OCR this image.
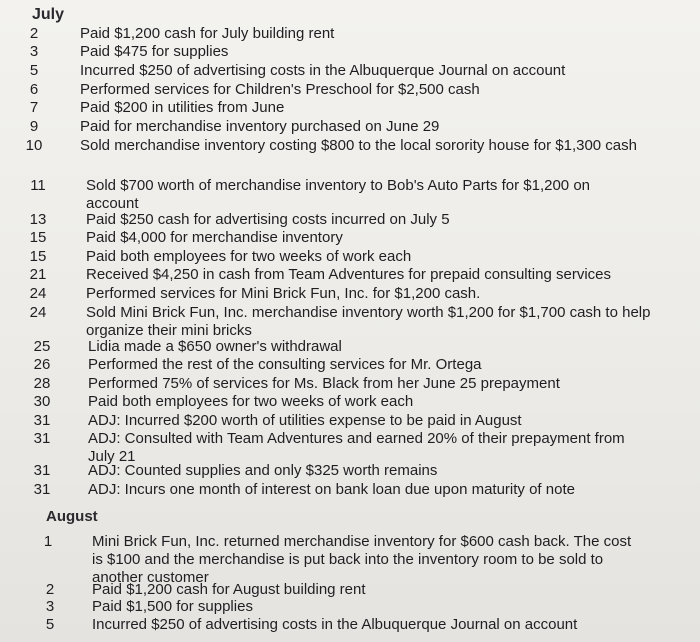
July
2	Paid $1,200 cash for July building rent
3	Paid $475 for supplies
5	Incurred $250 of advertising costs in the Albuquerque Journal on account
6	Performed services for Children's Preschool for $2,500 cash
7	Paid $200 in utilities from June
9	Paid for merchandise inventory purchased on June 29
10	Sold merchandise inventory costing $800 to the local sorority house for $1,300 cash
11	Sold $700 worth of merchandise inventory to Bob's Auto Parts for $1,200 on account
13	Paid $250 cash for advertising costs incurred on July 5
15	Paid $4,000 for merchandise inventory
15	Paid both employees for two weeks of work each
21	Received $4,250 in cash from Team Adventures for prepaid consulting services
24	Performed services for Mini Brick Fun, Inc. for $1,200 cash.
24	Sold Mini Brick Fun, Inc. merchandise inventory worth $1,200 for $1,700 cash to help organize their mini bricks
25	Lidia made a $650 owner's withdrawal
26	Performed the rest of the consulting services for Mr. Ortega
28	Performed 75% of services for Ms. Black from her June 25 prepayment
30	Paid both employees for two weeks of work each
31	ADJ: Incurred $200 worth of utilities expense to be paid in August
31	ADJ: Consulted with Team Adventures and earned 20% of their prepayment from July 21
31	ADJ: Counted supplies and only $325 worth remains
31	ADJ: Incurs one month of interest on bank loan due upon maturity of note
August
1	Mini Brick Fun, Inc. returned merchandise inventory for $600 cash back. The cost is $100 and the merchandise is put back into the inventory room to be sold to another customer
2	Paid $1,200 cash for August building rent
3	Paid $1,500 for supplies
5	Incurred $250 of advertising costs in the Albuquerque Journal on account
